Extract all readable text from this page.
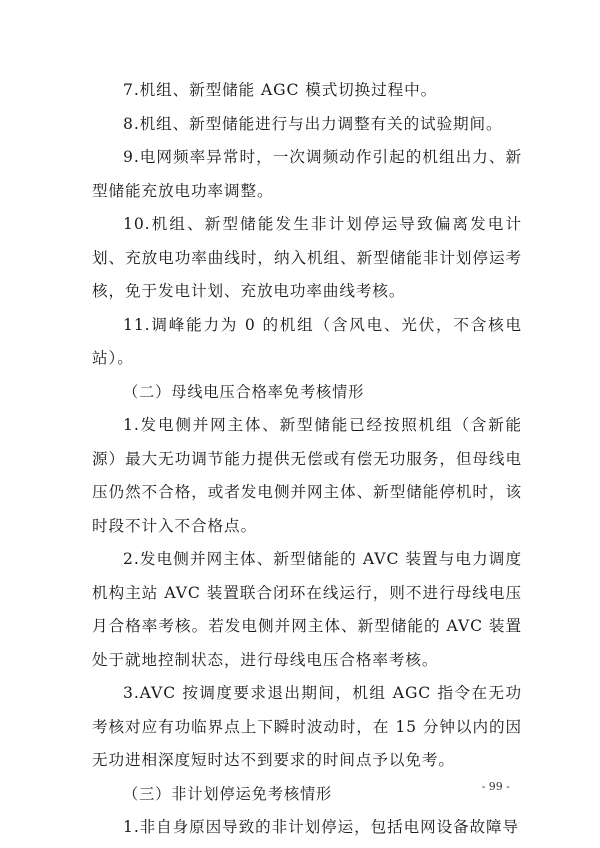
7.机组、新型储能 AGC 模式切换过程中。

8.机组、新型储能进行与出力调整有关的试验期间。

9.电网频率异常时，一次调频动作引起的机组出力、新型储能充放电功率调整。

10.机组、新型储能发生非计划停运导致偏离发电计划、充放电功率曲线时，纳入机组、新型储能非计划停运考核，免于发电计划、充放电功率曲线考核。

11.调峰能力为 0 的机组（含风电、光伏，不含核电站）。

（二）母线电压合格率免考核情形

1.发电侧并网主体、新型储能已经按照机组（含新能源）最大无功调节能力提供无偿或有偿无功服务，但母线电压仍然不合格，或者发电侧并网主体、新型储能停机时，该时段不计入不合格点。

2.发电侧并网主体、新型储能的 AVC 装置与电力调度机构主站 AVC 装置联合闭环在线运行，则不进行母线电压月合格率考核。若发电侧并网主体、新型储能的 AVC 装置处于就地控制状态，进行母线电压合格率考核。

3.AVC 按调度要求退出期间，机组 AGC 指令在无功考核对应有功临界点上下瞬时波动时，在 15 分钟以内的因无功进相深度短时达不到要求的时间点予以免考。

（三）非计划停运免考核情形

1.非自身原因导致的非计划停运，包括电网设备故障导

- 99 -
